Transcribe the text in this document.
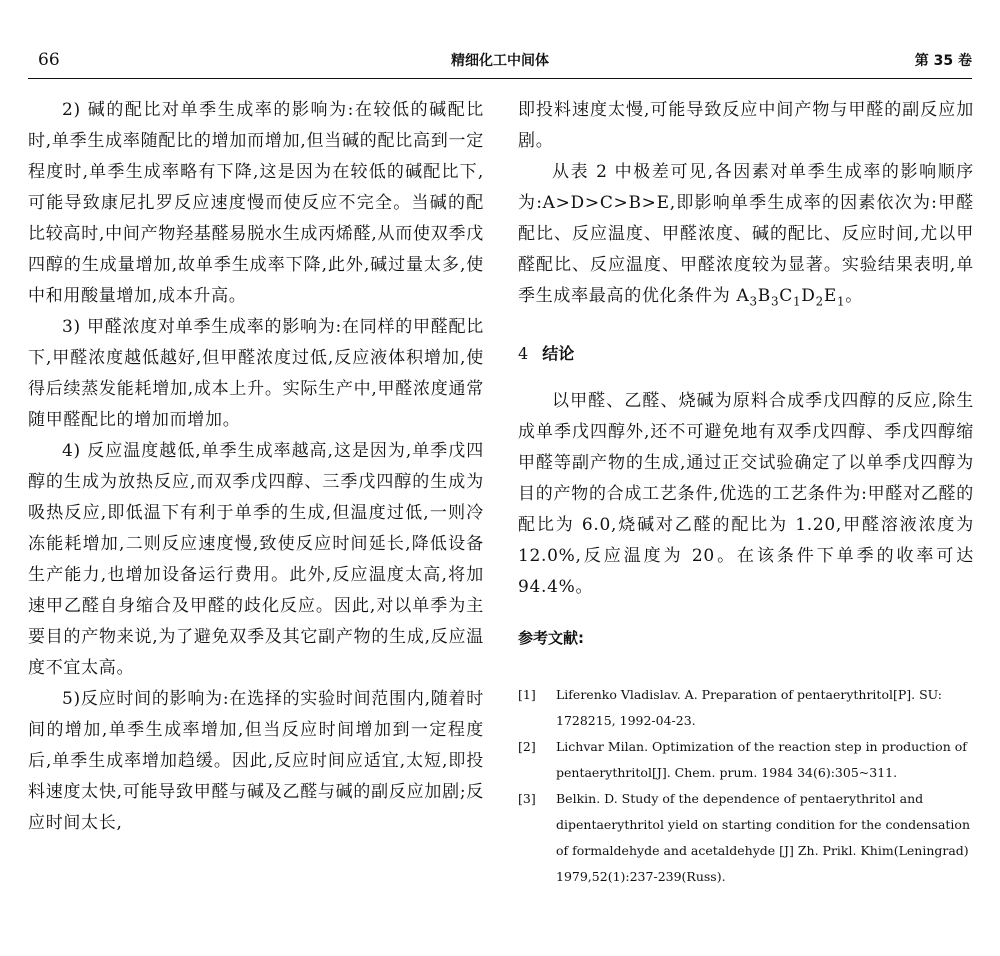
66	精细化工中间体	第 35 卷

2) 碱的配比对单季生成率的影响为:在较低的碱配比时,单季生成率随配比的增加而增加,但当碱的配比高到一定程度时,单季生成率略有下降,这是因为在较低的碱配比下,可能导致康尼扎罗反应速度慢而使反应不完全。当碱的配比较高时,中间产物羟基醛易脱水生成丙烯醛,从而使双季戊四醇的生成量增加,故单季生成率下降,此外,碱过量太多,使中和用酸量增加,成本升高。

3) 甲醛浓度对单季生成率的影响为:在同样的甲醛配比下,甲醛浓度越低越好,但甲醛浓度过低,反应液体积增加,使得后续蒸发能耗增加,成本上升。实际生产中,甲醛浓度通常随甲醛配比的增加而增加。

4) 反应温度越低,单季生成率越高,这是因为,单季戊四醇的生成为放热反应,而双季戊四醇、三季戊四醇的生成为吸热反应,即低温下有利于单季的生成,但温度过低,一则冷冻能耗增加,二则反应速度慢,致使反应时间延长,降低设备生产能力,也增加设备运行费用。此外,反应温度太高,将加速甲乙醛自身缩合及甲醛的歧化反应。因此,对以单季为主要目的产物来说,为了避免双季及其它副产物的生成,反应温度不宜太高。

5)反应时间的影响为:在选择的实验时间范围内,随着时间的增加,单季生成率增加,但当反应时间增加到一定程度后,单季生成率增加趋缓。因此,反应时间应适宜,太短,即投料速度太快,可能导致甲醛与碱及乙醛与碱的副反应加剧;反应时间太长,

即投料速度太慢,可能导致反应中间产物与甲醛的副反应加剧。

从表 2 中极差可见,各因素对单季生成率的影响顺序为:A>D>C>B>E,即影响单季生成率的因素依次为:甲醛配比、反应温度、甲醛浓度、碱的配比、反应时间,尤以甲醛配比、反应温度、甲醛浓度较为显著。实验结果表明,单季生成率最高的优化条件为 $A_3B_3C_1D_2E_1$。

4 结论

以甲醛、乙醛、烧碱为原料合成季戊四醇的反应,除生成单季戊四醇外,还不可避免地有双季戊四醇、季戊四醇缩甲醛等副产物的生成,通过正交试验确定了以单季戊四醇为目的产物的合成工艺条件,优选的工艺条件为:甲醛对乙醛的配比为 6.0,烧碱对乙醛的配比为 1.20,甲醛溶液浓度为 12.0%,反应温度为 20。在该条件下单季的收率可达 94.4%。

参考文献:
[1] Liferenko Vladislav. A. Preparation of pentaerythritol[P]. SU: 1728215, 1992-04-23.
[2] Lichvar Milan. Optimization of the reaction step in production of pentaerythritol[J]. Chem. prum. 1984 34(6):305~311.
[3] Belkin. D. Study of the dependence of pentaerythritol and dipentaerythritol yield on starting condition for the condensation of formaldehyde and acetaldehyde [J] Zh. Prikl. Khim(Leningrad) 1979,52(1):237-239(Russ).
